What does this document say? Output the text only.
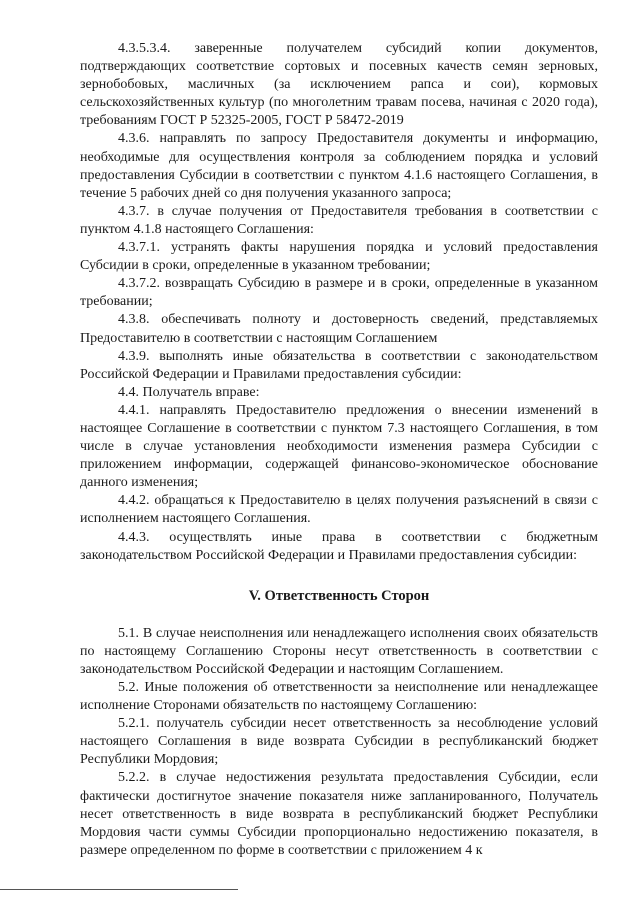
4.3.5.3.4. заверенные получателем субсидий копии документов, подтверждающих соответствие сортовых и посевных качеств семян зерновых, зернобобовых, масличных (за исключением рапса и сои), кормовых сельскохозяйственных культур (по многолетним травам посева, начиная с 2020 года), требованиям ГОСТ Р 52325-2005, ГОСТ Р 58472-2019

4.3.6. направлять по запросу Предоставителя документы и информацию, необходимые для осуществления контроля за соблюдением порядка и условий предоставления Субсидии в соответствии с пунктом 4.1.6 настоящего Соглашения, в течение 5 рабочих дней со дня получения указанного запроса;

4.3.7. в случае получения от Предоставителя требования в соответствии с пунктом 4.1.8 настоящего Соглашения:

4.3.7.1. устранять факты нарушения порядка и условий предоставления Субсидии в сроки, определенные в указанном требовании;

4.3.7.2. возвращать Субсидию в размере и в сроки, определенные в указанном требовании;

4.3.8. обеспечивать полноту и достоверность сведений, представляемых Предоставителю в соответствии с настоящим Соглашением

4.3.9. выполнять иные обязательства в соответствии с законодательством Российской Федерации и Правилами предоставления субсидии:

4.4. Получатель вправе:

4.4.1. направлять Предоставителю предложения о внесении изменений в настоящее Соглашение в соответствии с пунктом 7.3 настоящего Соглашения, в том числе в случае установления необходимости изменения размера Субсидии с приложением информации, содержащей финансово-экономическое обоснование данного изменения;

4.4.2. обращаться к Предоставителю в целях получения разъяснений в связи с исполнением настоящего Соглашения.

4.4.3. осуществлять иные права в соответствии с бюджетным законодательством Российской Федерации и Правилами предоставления субсидии:

V. Ответственность Сторон

5.1. В случае неисполнения или ненадлежащего исполнения своих обязательств по настоящему Соглашению Стороны несут ответственность в соответствии с законодательством Российской Федерации и настоящим Соглашением.

5.2. Иные положения об ответственности за неисполнение или ненадлежащее исполнение Сторонами обязательств по настоящему Соглашению:

5.2.1. получатель субсидии несет ответственность за несоблюдение условий настоящего Соглашения в виде возврата Субсидии в республиканский бюджет Республики Мордовия;

5.2.2. в случае недостижения результата предоставления Субсидии, если фактически достигнутое значение показателя ниже запланированного, Получатель несет ответственность в виде возврата в республиканский бюджет Республики Мордовия части суммы Субсидии пропорционально недостижению показателя, в размере определенном по форме в соответствии с приложением 4 к
